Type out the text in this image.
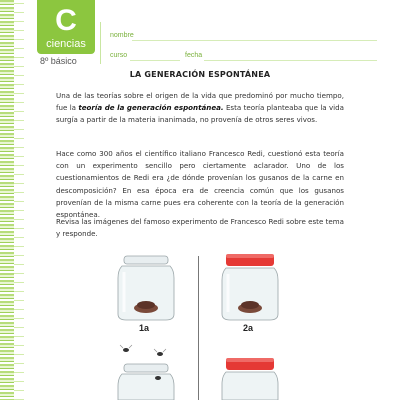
C
ciencias
8º básico
nombre
curso	fecha
LA GENERACIÓN ESPONTÁNEA
Una de las teorías sobre el origen de la vida que predominó por mucho tiempo, fue la teoría de la generación espontánea. Esta teoría planteaba que la vida surgía a partir de la materia inanimada, no provenía de otros seres vivos.
Hace como 300 años el científico italiano Francesco Redi, cuestionó esta teoría con un experimento sencillo pero ciertamente aclarador. Uno de los cuestionamientos de Redi era ¿de dónde provenían los gusanos de la carne en descomposición? En esa época era de creencia común que los gusanos provenían de la misma carne pues era coherente con la teoría de la generación espontánea.
Revisa las imágenes del famoso experimento de Francesco Redi sobre este tema y responde.
1a	2a
